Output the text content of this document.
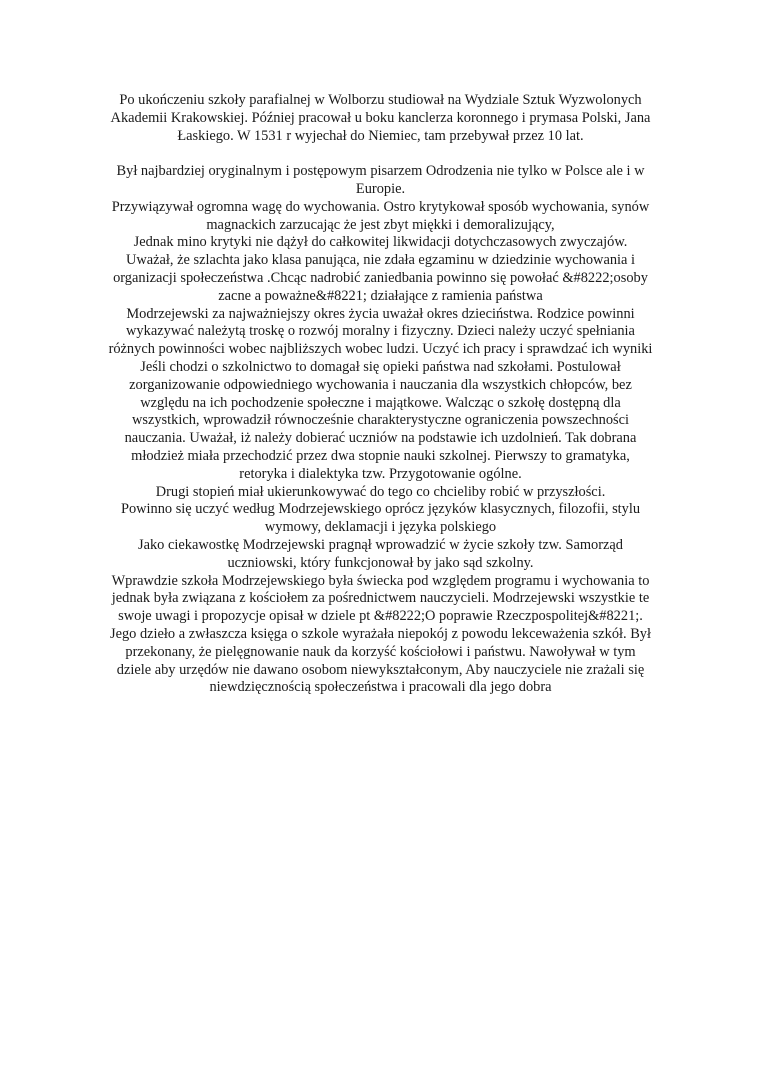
Po ukończeniu szkoły parafialnej w Wolborzu studiował na Wydziale Sztuk Wyzwolonych
Akademii Krakowskiej. Później pracował u boku kanclerza koronnego i prymasa Polski, Jana
Łaskiego. W 1531 r wyjechał do Niemiec, tam przebywał przez 10 lat.
Był najbardziej oryginalnym i postępowym pisarzem Odrodzenia nie tylko w Polsce ale i w
Europie.
Przywiązywał ogromna wagę do wychowania. Ostro krytykował sposób wychowania, synów
magnackich zarzucając że jest zbyt miękki i demoralizujący,
Jednak mino krytyki nie dążył do całkowitej likwidacji dotychczasowych zwyczajów.
Uważał, że szlachta jako klasa panująca, nie zdała egzaminu w dziedzinie wychowania i
organizacji społeczeństwa .Chcąc nadrobić zaniedbania powinno się powołać &#8222;osoby
zacne a poważne&#8221; działające z ramienia państwa
Modrzejewski za najważniejszy okres życia uważał okres dzieciństwa. Rodzice powinni
wykazywać należytą troskę o rozwój moralny i fizyczny. Dzieci należy uczyć spełniania
różnych powinności wobec najbliższych wobec ludzi. Uczyć ich pracy i sprawdzać ich wyniki
Jeśli chodzi o szkolnictwo to domagał się opieki państwa nad szkołami. Postulował
zorganizowanie odpowiedniego wychowania i nauczania dla wszystkich chłopców, bez
względu na ich pochodzenie społeczne i majątkowe. Walcząc o szkołę dostępną dla
wszystkich, wprowadził równocześnie charakterystyczne ograniczenia powszechności
nauczania. Uważał, iż należy dobierać uczniów na podstawie ich uzdolnień. Tak dobrana
młodzież miała przechodzić przez dwa stopnie nauki szkolnej. Pierwszy to gramatyka,
retoryka i dialektyka tzw. Przygotowanie ogólne.
Drugi stopień miał ukierunkowywać do tego co chcieliby robić w przyszłości.
Powinno się uczyć według Modrzejewskiego oprócz języków klasycznych, filozofii, stylu
wymowy, deklamacji i języka polskiego
Jako ciekawostkę Modrzejewski pragnął wprowadzić w życie szkoły tzw. Samorząd
uczniowski, który funkcjonował by jako sąd szkolny.
Wprawdzie szkoła Modrzejewskiego była świecka pod względem programu i wychowania to
jednak była związana z kościołem za pośrednictwem nauczycieli. Modrzejewski wszystkie te
swoje uwagi i propozycje opisał w dziele pt &#8222;O poprawie Rzeczpospolitej&#8221;.
Jego dzieło a zwłaszcza księga o szkole wyrażała niepokój z powodu lekceważenia szkół. Był
przekonany, że pielęgnowanie nauk da korzyść kościołowi i państwu. Nawoływał w tym
dziele aby urzędów nie dawano osobom niewykształconym, Aby nauczyciele nie zrażali się
niewdzięcznością społeczeństwa i pracowali dla jego dobra
